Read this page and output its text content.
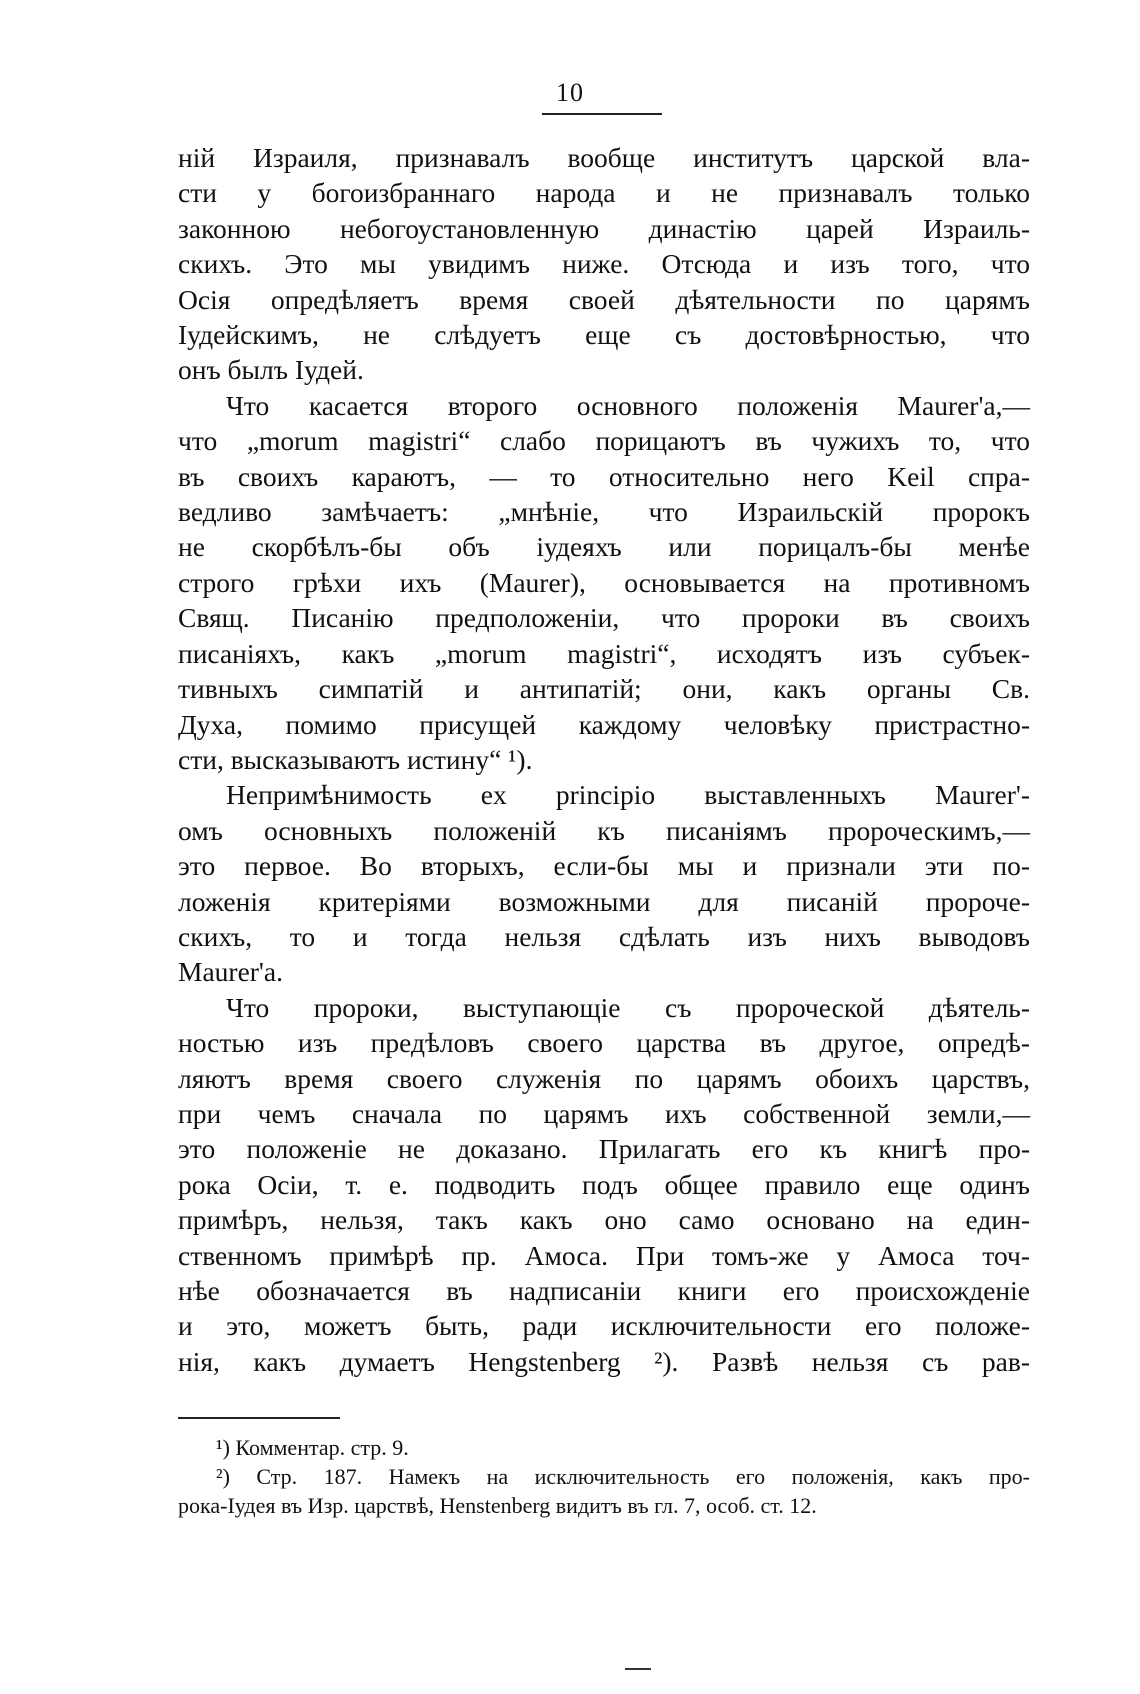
10
нiй Израиля, признавалъ вообще институтъ царской вла-
сти у богоизбраннаго народа и не признавалъ только
законною небогоустановленную династiю царей Израиль-
скихъ. Это мы увидимъ ниже. Отсюда и изъ того, что
Осiя опредѣляетъ время своей дѣятельности по царямъ
Iудейскимъ, не слѣдуетъ еще съ достовѣрностью, что
онъ былъ Iудей.
Что касается второго основного положенiя Maurer'а,—
что „morum magistri“ слабо порицаютъ въ чужихъ то, что
въ своихъ караютъ, — то относительно него Keil спра-
ведливо замѣчаетъ: „мнѣнiе, что Израильскiй пророкъ
не скорбѣлъ-бы объ iудеяхъ или порицалъ-бы менѣе
строго грѣхи ихъ (Maurer), основывается на противномъ
Свящ. Писанiю предположенiи, что пророки въ своихъ
писанiяхъ, какъ „morum magistri“, исходятъ изъ субъек-
тивныхъ симпатiй и антипатiй; они, какъ органы Св.
Духа, помимо присущей каждому человѣку пристрастно-
сти, высказываютъ истину“ ¹).
Непримѣнимость ex principio выставленныхъ Maurer'-
омъ основныхъ положенiй къ писанiямъ пророческимъ,—
это первое. Во вторыхъ, если-бы мы и признали эти по-
ложенiя критерiями возможными для писанiй пророче-
скихъ, то и тогда нельзя сдѣлать изъ нихъ выводовъ
Maurer'а.
Что пророки, выступающiе съ пророческой дѣятель-
ностью изъ предѣловъ своего царства въ другое, опредѣ-
ляютъ время своего служенiя по царямъ обоихъ царствъ,
при чемъ сначала по царямъ ихъ собственной земли,—
это положенiе не доказано. Прилагать его къ книгѣ про-
рока Осiи, т. е. подводить подъ общее правило еще одинъ
примѣръ, нельзя, такъ какъ оно само основано на един-
ственномъ примѣрѣ пр. Амоса. При томъ-же у Амоса точ-
нѣе обозначается въ надписанiи книги его происхожденiе
и это, можетъ быть, ради исключительности его положе-
нiя, какъ думаетъ Hengstenberg ²). Развѣ нельзя съ рав-
¹) Комментар. стр. 9.
²) Стр. 187. Намекъ на исключительность его положенiя, какъ про-
рока-Iудея въ Изр. царствѣ, Henstenberg видитъ въ гл. 7, особ. ст. 12.
